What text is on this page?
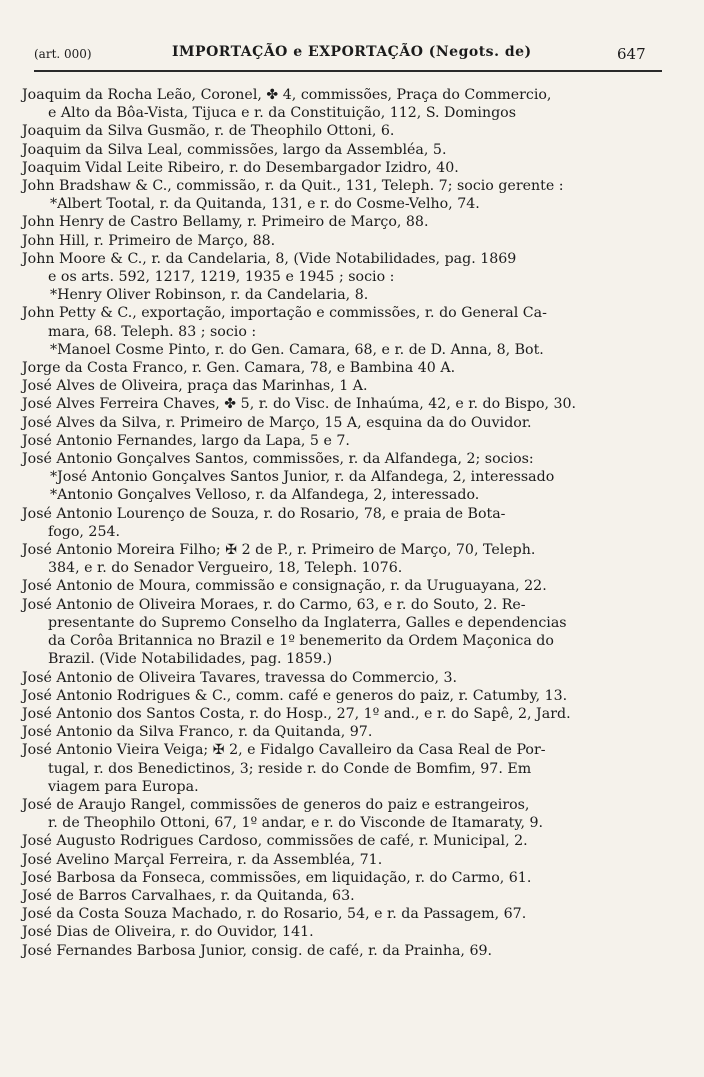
(art. 000)	IMPORTAÇÃO e EXPORTAÇÃO (Negots. de)	647
Joaquim da Rocha Leão, Coronel, ✤ 4, commissões, Praça do Commercio,
e Alto da Bôa-Vista, Tijuca e r. da Constituição, 112, S. Domingos
Joaquim da Silva Gusmão, r. de Theophilo Ottoni, 6.
Joaquim da Silva Leal, commissões, largo da Assembléa, 5.
Joaquim Vidal Leite Ribeiro, r. do Desembargador Izidro, 40.
John Bradshaw & C., commissão, r. da Quit., 131, Teleph. 7; socio gerente :
*Albert Tootal, r. da Quitanda, 131, e r. do Cosme-Velho, 74.
John Henry de Castro Bellamy, r. Primeiro de Março, 88.
John Hill, r. Primeiro de Março, 88.
John Moore & C., r. da Candelaria, 8, (Vide Notabilidades, pag. 1869
e os arts. 592, 1217, 1219, 1935 e 1945 ; socio :
*Henry Oliver Robinson, r. da Candelaria, 8.
John Petty & C., exportação, importação e commissões, r. do General Ca-
mara, 68. Teleph. 83 ; socio :
*Manoel Cosme Pinto, r. do Gen. Camara, 68, e r. de D. Anna, 8, Bot.
Jorge da Costa Franco, r. Gen. Camara, 78, e Bambina 40 A.
José Alves de Oliveira, praça das Marinhas, 1 A.
José Alves Ferreira Chaves, ✤ 5, r. do Visc. de Inhaúma, 42, e r. do Bispo, 30.
José Alves da Silva, r. Primeiro de Março, 15 A, esquina da do Ouvidor.
José Antonio Fernandes, largo da Lapa, 5 e 7.
José Antonio Gonçalves Santos, commissões, r. da Alfandega, 2; socios:
*José Antonio Gonçalves Santos Junior, r. da Alfandega, 2, interessado
*Antonio Gonçalves Velloso, r. da Alfandega, 2, interessado.
José Antonio Lourenço de Souza, r. do Rosario, 78, e praia de Bota-
fogo, 254.
José Antonio Moreira Filho; ✠ 2 de P., r. Primeiro de Março, 70, Teleph.
384, e r. do Senador Vergueiro, 18, Teleph. 1076.
José Antonio de Moura, commissão e consignação, r. da Uruguayana, 22.
José Antonio de Oliveira Moraes, r. do Carmo, 63, e r. do Souto, 2. Re-
presentante do Supremo Conselho da Inglaterra, Galles e dependencias
da Corôa Britannica no Brazil e 1º benemerito da Ordem Maçonica do
Brazil. (Vide Notabilidades, pag. 1859.)
José Antonio de Oliveira Tavares, travessa do Commercio, 3.
José Antonio Rodrigues & C., comm. café e generos do paiz, r. Catumby, 13.
José Antonio dos Santos Costa, r. do Hosp., 27, 1º and., e r. do Sapê, 2, Jard.
José Antonio da Silva Franco, r. da Quitanda, 97.
José Antonio Vieira Veiga; ✠ 2, e Fidalgo Cavalleiro da Casa Real de Por-
tugal, r. dos Benedictinos, 3; reside r. do Conde de Bomfim, 97. Em
viagem para Europa.
José de Araujo Rangel, commissões de generos do paiz e estrangeiros,
r. de Theophilo Ottoni, 67, 1º andar, e r. do Visconde de Itamaraty, 9.
José Augusto Rodrigues Cardoso, commissões de café, r. Municipal, 2.
José Avelino Marçal Ferreira, r. da Assembléa, 71.
José Barbosa da Fonseca, commissões, em liquidação, r. do Carmo, 61.
José de Barros Carvalhaes, r. da Quitanda, 63.
José da Costa Souza Machado, r. do Rosario, 54, e r. da Passagem, 67.
José Dias de Oliveira, r. do Ouvidor, 141.
José Fernandes Barbosa Junior, consig. de café, r. da Prainha, 69.
